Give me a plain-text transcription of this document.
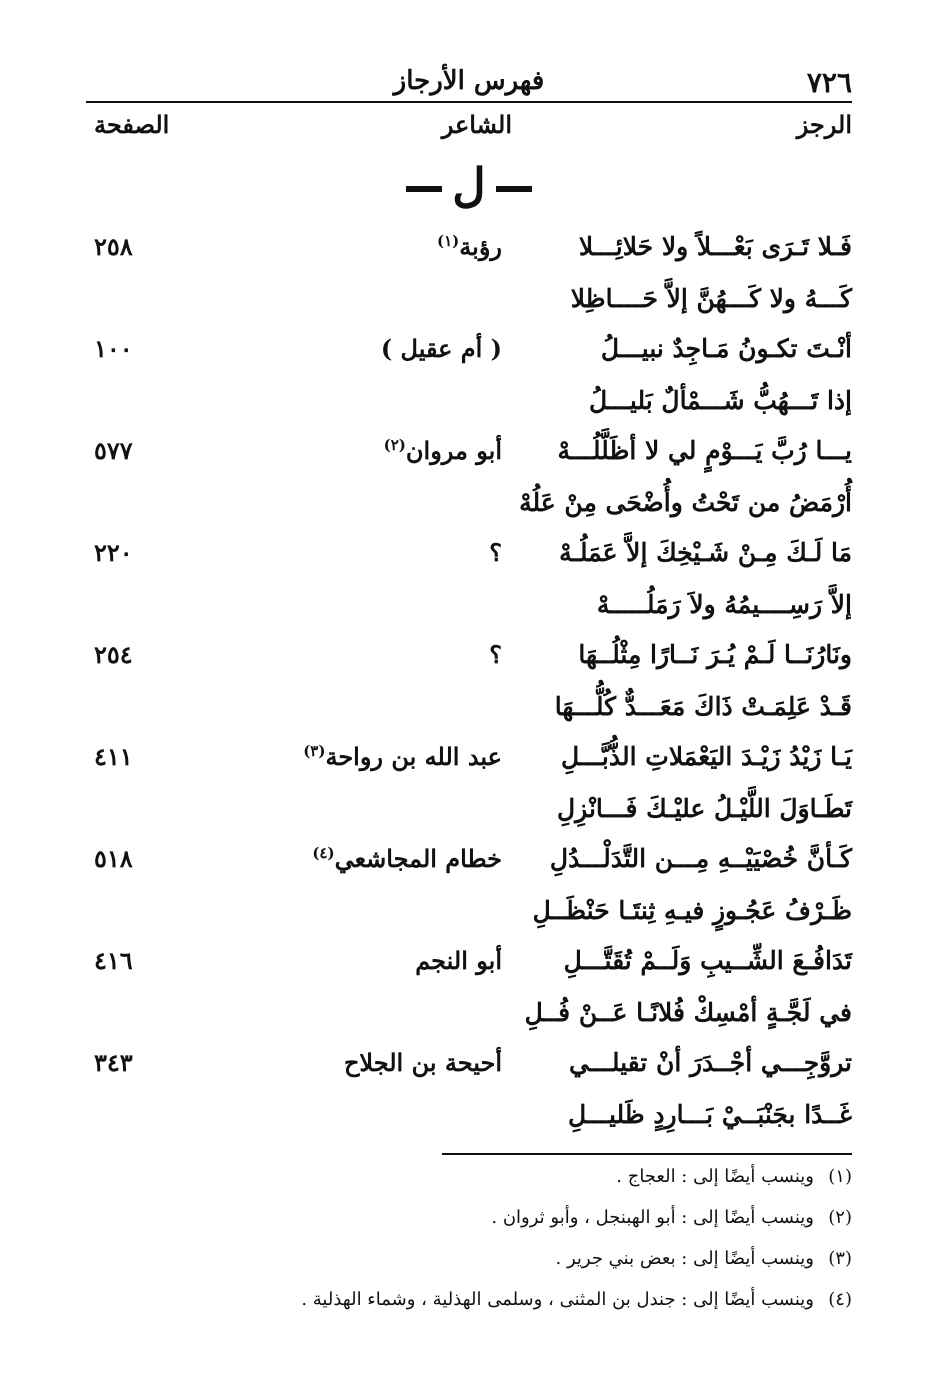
٧٢٦
فهرس الأرجاز
الرجز
الشاعر
الصفحة
ل
فَـلا تَـرَى بَعْـــلاً ولا حَلائِـــلا
كَـــهُ ولا كَـــهُنَّ إلاَّ حَــــاظِلا
رؤبة$^{(١)}$
٢٥٨
أنْـتَ تكـونُ مَـاجِدٌ نبيـــلُ
إذا تَـــهُبُّ شَـــمْألٌ بَليـــلُ
( أم عقيل )
١٠٠
يـــا رُبَّ يَـــوْمٍ لي لا أظَلَّلُـــهْ
أُرْمَضُ من تَحْتُ وأُضْحَى مِنْ عَلُهْ
أبو مروان$^{(٢)}$
٥٧٧
مَا لَـكَ مِـنْ شَـيْخِكَ إلاَّ عَمَلُـهْ
إلاَّ رَسِــــيمُهُ ولاَ رَمَلُـــــهْ
؟
٢٢٠
ونَارُنَــا لَـمْ يُـرَ نَــارًا مِثْلُــهَا
قَـدْ عَلِمَـتْ ذَاكَ مَعَـــدٌّ كُلُّـــهَا
؟
٢٥٤
يَـا زَيْدُ زَيْـدَ اليَعْمَلاتِ الذُّبَّـــلِ
تَطَـاوَلَ اللَّيْـلُ عليْـكَ فَـــانْزِلِ
عبد الله بن رواحة$^{(٣)}$
٤١١
كَـأنَّ خُصْيَيْــهِ مِـــن التَّدَلْـــدُلِ
ظَـرْفُ عَجُـوزٍ فيـهِ ثِنتَـا حَنْظَــلِ
خطام المجاشعي$^{(٤)}$
٥١٨
تَدَافُـعَ الشِّــيبِ وَلَــمْ تُقَتَّـــلِ
في لَجَّـةٍ أمْسِكْ فُلانًـا عَــنْ فُــلِ
أبو النجم
٤١٦
تروَّجِـــي أجْــدَرَ أنْ تقيلـــي
غَــدًا بجَنْبَــيْ بَـــارِدٍ ظَليـــلِ
أحيحة بن الجلاح
٣٤٣
(١)وينسب أيضًا إلى : العجاج .
(٢)وينسب أيضًا إلى : أبو الهبنجل ، وأبو ثروان .
(٣)وينسب أيضًا إلى : بعض بني جرير .
(٤)وينسب أيضًا إلى : جندل بن المثنى ، وسلمى الهذلية ، وشماء الهذلية .
